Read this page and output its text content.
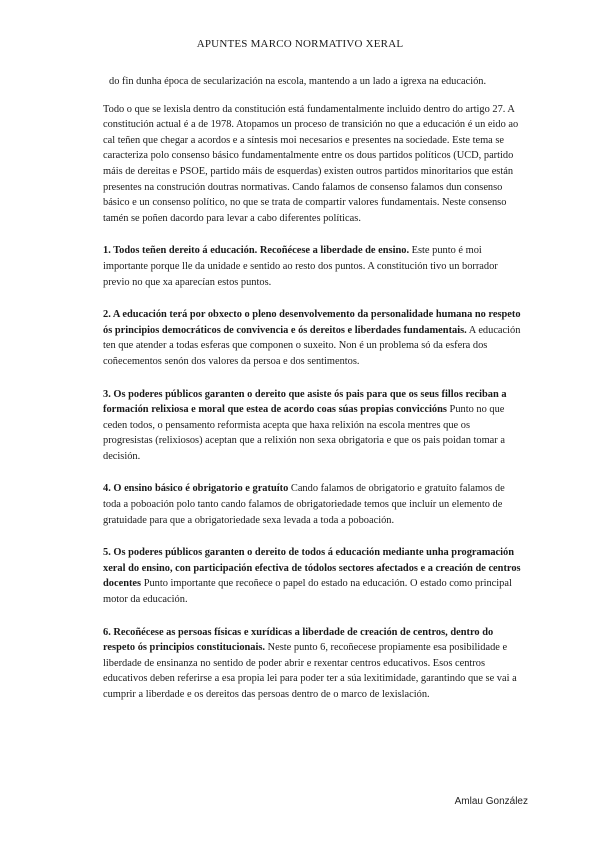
APUNTES MARCO NORMATIVO XERAL
do fin dunha época de secularización na escola, mantendo a un lado a igrexa na educación.

Todo o que se lexisla dentro da constitución está fundamentalmente incluido dentro do artigo 27. A constitución actual é a de 1978. Atopamos un proceso de transición no que a educación é un eido ao cal teñen que chegar a acordos e a síntesis moi necesarios e presentes na sociedade. Este tema se caracteriza polo consenso básico fundamentalmente entre os dous partidos políticos (UCD, partido máis de dereitas e PSOE, partido máis de esquerdas) existen outros partidos minoritarios que están presentes na construción doutras normativas. Cando falamos de consenso falamos dun consenso básico e un consenso político, no que se trata de compartir valores fundamentais. Neste consenso tamén se poñen dacordo para levar a cabo diferentes políticas.

1. Todos teñen dereito á educación. Recoñécese a liberdade de ensino. Este punto é moi importante porque lle da unidade e sentido ao resto dos puntos. A constitución tivo un borrador previo no que xa aparecían estos puntos.

2. A educación terá por obxecto o pleno desenvolvemento da personalidade humana no respeto ós principios democráticos de convivencia e ós dereitos e liberdades fundamentais. A educación ten que atender a todas esferas que componen o suxeito. Non é un problema só da esfera dos coñecementos senón dos valores da persoa e dos sentimentos.

3. Os poderes públicos garanten o dereito que asiste ós pais para que os seus fillos reciban a formación relixiosa e moral que estea de acordo coas súas propias conviccións Punto no que ceden todos, o pensamento reformista acepta que haxa relixión na escola mentres que os progresistas (relixiosos) aceptan que a relixión non sexa obrigatoria e que os pais poidan tomar a decisión.

4. O ensino básico é obrigatorio e gratuíto Cando falamos de obrigatorio e gratuíto falamos de toda a poboación polo tanto cando falamos de obrigatoriedade temos que incluír un elemento de gratuidade para que a obrigatoriedade sexa levada a toda a poboación.

5. Os poderes públicos garanten o dereito de todos á educación mediante unha programación xeral do ensino, con participación efectiva de tódolos sectores afectados e a creación de centros docentes Punto importante que recoñece o papel do estado na educación. O estado como principal motor da educación.

6. Recoñécese as persoas físicas e xurídicas a liberdade de creación de centros, dentro do respeto ós principios constitucionais. Neste punto 6, recoñecese propiamente esa posibilidade e liberdade de ensinanza no sentido de poder abrir e rexentar centros educativos. Esos centros educativos deben referirse a esa propia lei para poder ter a súa lexitimidade, garantindo que se vai a cumprir a liberdade e os dereitos das persoas dentro de o marco de lexislación.

Amlau González
